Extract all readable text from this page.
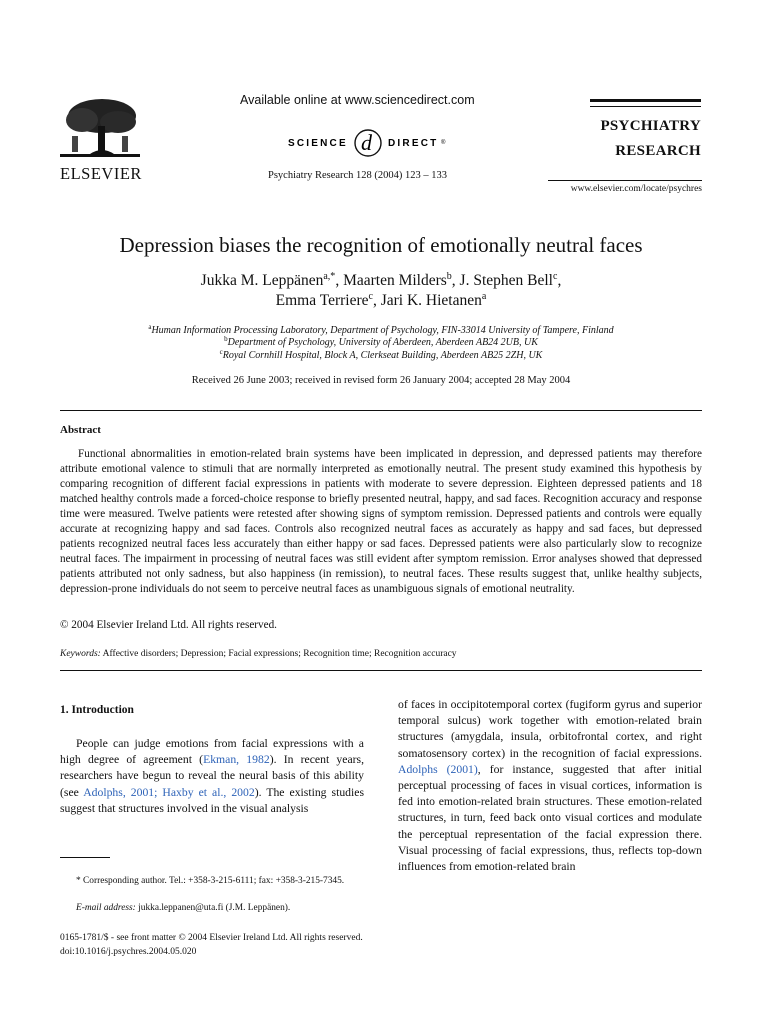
ELSEVIER
Available online at www.sciencedirect.com
SCIENCE d DIRECT ®
Psychiatry Research 128 (2004) 123 – 133
PSYCHIATRY
RESEARCH
www.elsevier.com/locate/psychres
Depression biases the recognition of emotionally neutral faces
Jukka M. Leppänen$^{a,*}$, Maarten Milders$^b$, J. Stephen Bell$^c$,
Emma Terriere$^c$, Jari K. Hietanen$^a$
$^a$Human Information Processing Laboratory, Department of Psychology, FIN-33014 University of Tampere, Finland
$^b$Department of Psychology, University of Aberdeen, Aberdeen AB24 2UB, UK
$^c$Royal Cornhill Hospital, Block A, Clerkseat Building, Aberdeen AB25 2ZH, UK
Received 26 June 2003; received in revised form 26 January 2004; accepted 28 May 2004
Abstract
Functional abnormalities in emotion-related brain systems have been implicated in depression, and depressed patients may therefore attribute emotional valence to stimuli that are normally interpreted as emotionally neutral. The present study examined this hypothesis by comparing recognition of different facial expressions in patients with moderate to severe depression. Eighteen depressed patients and 18 matched healthy controls made a forced-choice response to briefly presented neutral, happy, and sad faces. Recognition accuracy and response time were measured. Twelve patients were retested after showing signs of symptom remission. Depressed patients and controls were equally accurate at recognizing happy and sad faces. Controls also recognized neutral faces as accurately as happy and sad faces, but depressed patients recognized neutral faces less accurately than either happy or sad faces. Depressed patients were also particularly slow to recognize neutral faces. The impairment in processing of neutral faces was still evident after symptom remission. Error analyses showed that depressed patients attributed not only sadness, but also happiness (in remission), to neutral faces. These results suggest that, unlike healthy subjects, depression-prone individuals do not seem to perceive neutral faces as unambiguous signals of emotional neutrality.
© 2004 Elsevier Ireland Ltd. All rights reserved.
Keywords: Affective disorders; Depression; Facial expressions; Recognition time; Recognition accuracy
1. Introduction
People can judge emotions from facial expressions with a high degree of agreement (Ekman, 1982). In recent years, researchers have begun to reveal the neural basis of this ability (see Adolphs, 2001; Haxby et al., 2002). The existing studies suggest that structures involved in the visual analysis
of faces in occipitotemporal cortex (fugiform gyrus and superior temporal sulcus) work together with emotion-related brain structures (amygdala, insula, orbitofrontal cortex, and right somatosensory cortex) in the recognition of facial expressions. Adolphs (2001), for instance, suggested that after initial perceptual processing of faces in visual cortices, information is fed into emotion-related brain structures. These emotion-related structures, in turn, feed back onto visual cortices and modulate the perceptual representation of the facial expression there. Visual processing of facial expressions, thus, reflects top-down influences from emotion-related brain
* Corresponding author. Tel.: +358-3-215-6111; fax: +358-3-215-7345.
E-mail address: jukka.leppanen@uta.fi (J.M. Leppänen).
0165-1781/$ - see front matter © 2004 Elsevier Ireland Ltd. All rights reserved.
doi:10.1016/j.psychres.2004.05.020
